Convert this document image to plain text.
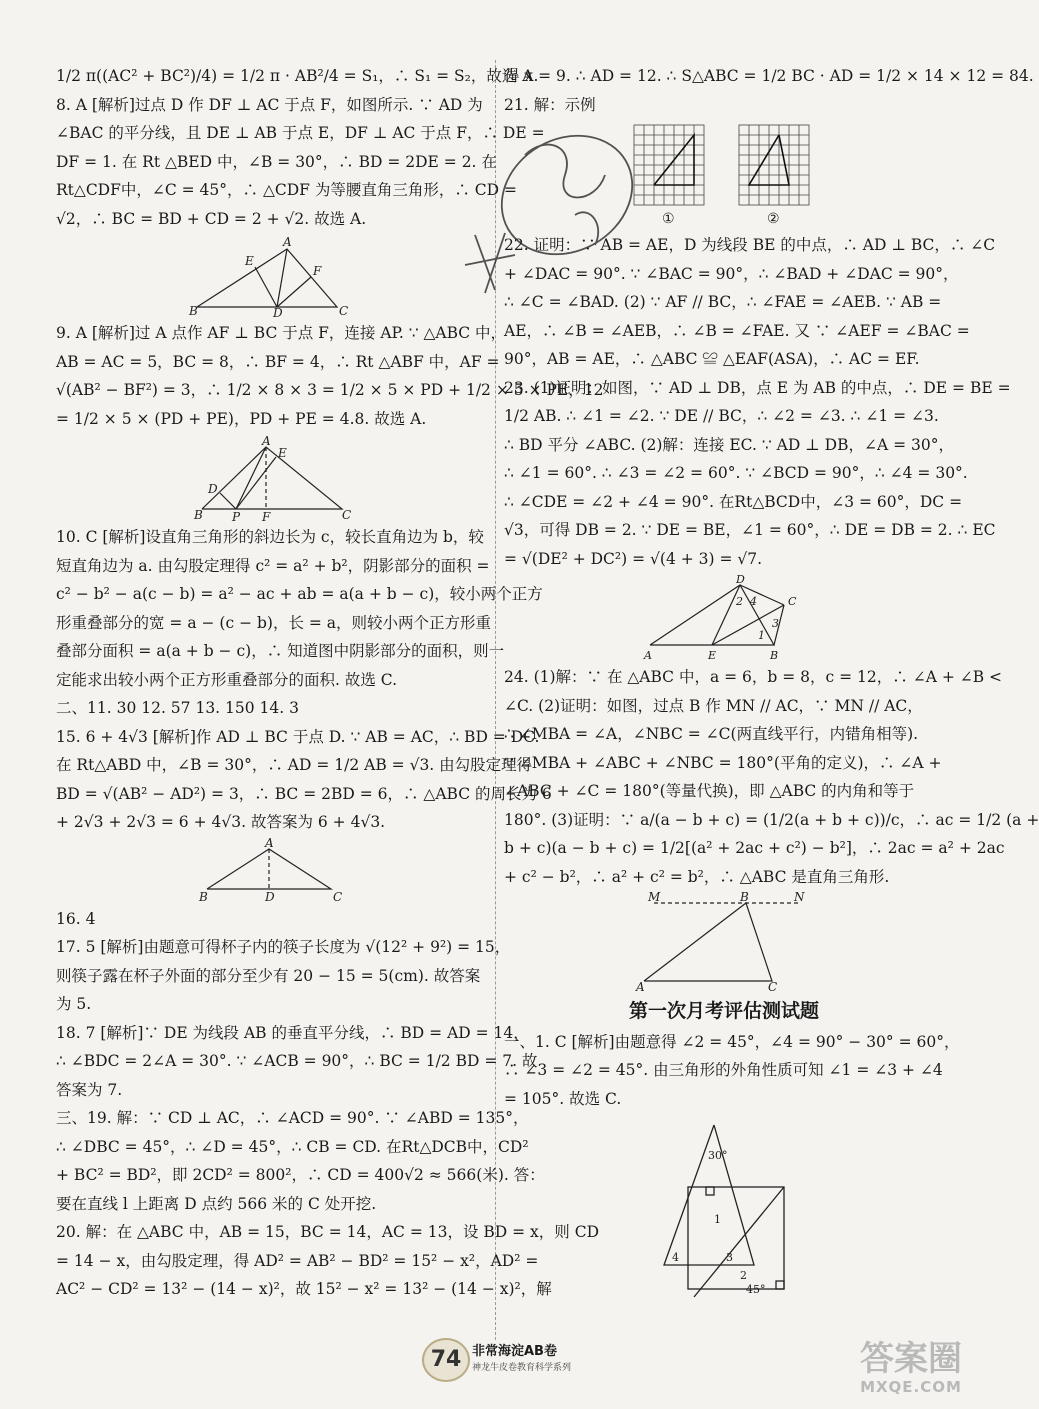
1/2 π((AC² + BC²)/4) = 1/2 π · AB²/4 = S₁，∴ S₁ = S₂，故选 A.
8. A [解析]过点 D 作 DF ⊥ AC 于点 F，如图所示. ∵ AD 为
∠BAC 的平分线，且 DE ⊥ AB 于点 E，DF ⊥ AC 于点 F，∴ DE =
DF = 1. 在 Rt △BED 中，∠B = 30°，∴ BD = 2DE = 2. 在
Rt△CDF中，∠C = 45°，∴ △CDF 为等腰直角三角形，∴ CD =
√2，∴ BC = BD + CD = 2 + √2. 故选 A.
A
E
F
B	D	C
9. A [解析]过 A 点作 AF ⊥ BC 于点 F，连接 AP. ∵ △ABC 中，
AB = AC = 5，BC = 8，∴ BF = 4，∴ Rt △ABF 中，AF =
√(AB² − BF²) = 3，∴ 1/2 × 8 × 3 = 1/2 × 5 × PD + 1/2 × 5 × PE，12
= 1/2 × 5 × (PD + PE)，PD + PE = 4.8. 故选 A.
A
E
D
B P F	C
10. C [解析]设直角三角形的斜边长为 c，较长直角边为 b，较
短直角边为 a. 由勾股定理得 c² = a² + b²，阴影部分的面积 =
c² − b² − a(c − b) = a² − ac + ab = a(a + b − c)，较小两个正方
形重叠部分的宽 = a − (c − b)，长 = a，则较小两个正方形重
叠部分面积 = a(a + b − c)，∴ 知道图中阴影部分的面积，则一
定能求出较小两个正方形重叠部分的面积. 故选 C.
二、11. 30 12. 57 13. 150 14. 3
15. 6 + 4√3 [解析]作 AD ⊥ BC 于点 D. ∵ AB = AC，∴ BD = DC.
在 Rt△ABD 中，∠B = 30°，∴ AD = 1/2 AB = √3. 由勾股定理得
BD = √(AB² − AD²) = 3，∴ BC = 2BD = 6，∴ △ABC 的周长为 6
+ 2√3 + 2√3 = 6 + 4√3. 故答案为 6 + 4√3.
A
B	D	C
16. 4
17. 5 [解析]由题意可得杯子内的筷子长度为 √(12² + 9²) = 15，
则筷子露在杯子外面的部分至少有 20 − 15 = 5(cm). 故答案
为 5.
18. 7 [解析]∵ DE 为线段 AB 的垂直平分线，∴ BD = AD = 14，
∴ ∠BDC = 2∠A = 30°. ∵ ∠ACB = 90°，∴ BC = 1/2 BD = 7. 故
答案为 7.
三、19. 解：∵ CD ⊥ AC，∴ ∠ACD = 90°. ∵ ∠ABD = 135°，
∴ ∠DBC = 45°，∴ ∠D = 45°，∴ CB = CD. 在Rt△DCB中，CD²
+ BC² = BD²，即 2CD² = 800²，∴ CD = 400√2 ≈ 566(米). 答：
要在直线 l 上距离 D 点约 566 米的 C 处开挖.
20. 解：在 △ABC 中，AB = 15，BC = 14，AC = 13，设 BD = x，则 CD
= 14 − x，由勾股定理，得 AD² = AB² − BD² = 15² − x²，AD² =
AC² − CD² = 13² − (14 − x)²，故 15² − x² = 13² − (14 − x)²，解
得 x = 9. ∴ AD = 12. ∴ S△ABC = 1/2 BC · AD = 1/2 × 14 × 12 = 84.
21. 解：示例
①	②
22. 证明：∵ AB = AE，D 为线段 BE 的中点，∴ AD ⊥ BC，∴ ∠C
+ ∠DAC = 90°. ∵ ∠BAC = 90°，∴ ∠BAD + ∠DAC = 90°，
∴ ∠C = ∠BAD. (2) ∵ AF // BC，∴ ∠FAE = ∠AEB. ∵ AB =
AE，∴ ∠B = ∠AEB，∴ ∠B = ∠FAE. 又 ∵ ∠AEF = ∠BAC =
90°，AB = AE，∴ △ABC ≌ △EAF(ASA)，∴ AC = EF.
23. (1)证明：如图，∵ AD ⊥ DB，点 E 为 AB 的中点，∴ DE = BE =
1/2 AB. ∴ ∠1 = ∠2. ∵ DE // BC，∴ ∠2 = ∠3. ∴ ∠1 = ∠3.
∴ BD 平分 ∠ABC. (2)解：连接 EC. ∵ AD ⊥ DB，∠A = 30°，
∴ ∠1 = 60°. ∴ ∠3 = ∠2 = 60°. ∵ ∠BCD = 90°，∴ ∠4 = 30°.
∴ ∠CDE = ∠2 + ∠4 = 90°. 在Rt△BCD中，∠3 = 60°，DC =
√3，可得 DB = 2. ∵ DE = BE，∠1 = 60°，∴ DE = DB = 2. ∴ EC
= √(DE² + DC²) = √(4 + 3) = √7.
D
C
2 4
3
1
A	E	B
24. (1)解：∵ 在 △ABC 中，a = 6，b = 8，c = 12，∴ ∠A + ∠B <
∠C. (2)证明：如图，过点 B 作 MN // AC，∵ MN // AC，
∴ ∠MBA = ∠A，∠NBC = ∠C(两直线平行，内错角相等).
∵ ∠MBA + ∠ABC + ∠NBC = 180°(平角的定义)，∴ ∠A +
∠ABC + ∠C = 180°(等量代换)，即 △ABC 的内角和等于
180°. (3)证明：∵ a/(a − b + c) = (1/2(a + b + c))/c，∴ ac = 1/2 (a +
b + c)(a − b + c) = 1/2[(a² + 2ac + c²) − b²]，∴ 2ac = a² + 2ac
+ c² − b²，∴ a² + c² = b²，∴ △ABC 是直角三角形.
M	B	N
A	C
第一次月考评估测试题
一、1. C [解析]由题意得 ∠2 = 45°，∠4 = 90° − 30° = 60°，
∴ ∠3 = ∠2 = 45°. 由三角形的外角性质可知 ∠1 = ∠3 + ∠4
= 105°. 故选 C.
30°
1
4	3
2
45°
74 非常海淀AB卷
神龙牛皮卷教育科学系列	答案圈
MXQE.COM
